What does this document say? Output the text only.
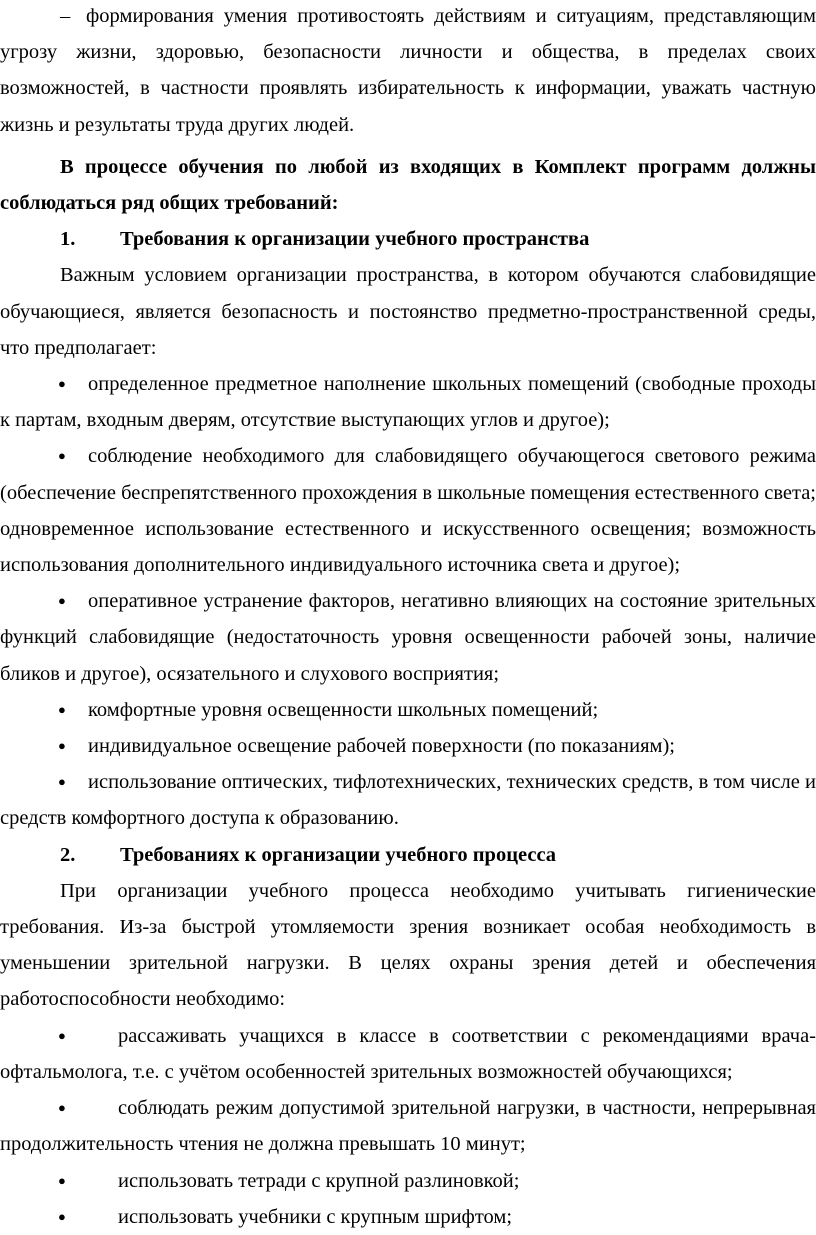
– формирования умения противостоять действиям и ситуациям, представляющим угрозу жизни, здоровью, безопасности личности и общества, в пределах своих возможностей, в частности проявлять избирательность к информации, уважать частную жизнь и результаты труда других людей.

В процессе обучения по любой из входящих в Комплект программ должны соблюдаться ряд общих требований:

1.	Требования к организации учебного пространства

Важным условием организации пространства, в котором обучаются слабовидящие обучающиеся, является безопасность и постоянство предметно-пространственной среды, что предполагает:

● определенное предметное наполнение школьных помещений (свободные проходы к партам, входным дверям, отсутствие выступающих углов и другое);

● соблюдение необходимого для слабовидящего обучающегося светового режима (обеспечение беспрепятственного прохождения в школьные помещения естественного света; одновременное использование естественного и искусственного освещения; возможность использования дополнительного индивидуального источника света и другое);

● оперативное устранение факторов, негативно влияющих на состояние зрительных функций слабовидящие (недостаточность уровня освещенности рабочей зоны, наличие бликов и другое), осязательного и слухового восприятия;

● комфортные уровня освещенности школьных помещений;

● индивидуальное освещение рабочей поверхности (по показаниям);

● использование оптических, тифлотехнических, технических средств, в том числе и средств комфортного доступа к образованию.

2.	Требованиях к организации учебного процесса

При организации учебного процесса необходимо учитывать гигиенические требования. Из-за быстрой утомляемости зрения возникает особая необходимость в уменьшении зрительной нагрузки. В целях охраны зрения детей и обеспечения работоспособности необходимо:

●	рассаживать учащихся в классе в соответствии с рекомендациями врача-офтальмолога, т.е. с учётом особенностей зрительных возможностей обучающихся;

●	соблюдать режим допустимой зрительной нагрузки, в частности, непрерывная продолжительность чтения не должна превышать 10 минут;

●	использовать тетради с крупной разлиновкой;

●	использовать учебники с крупным шрифтом;
